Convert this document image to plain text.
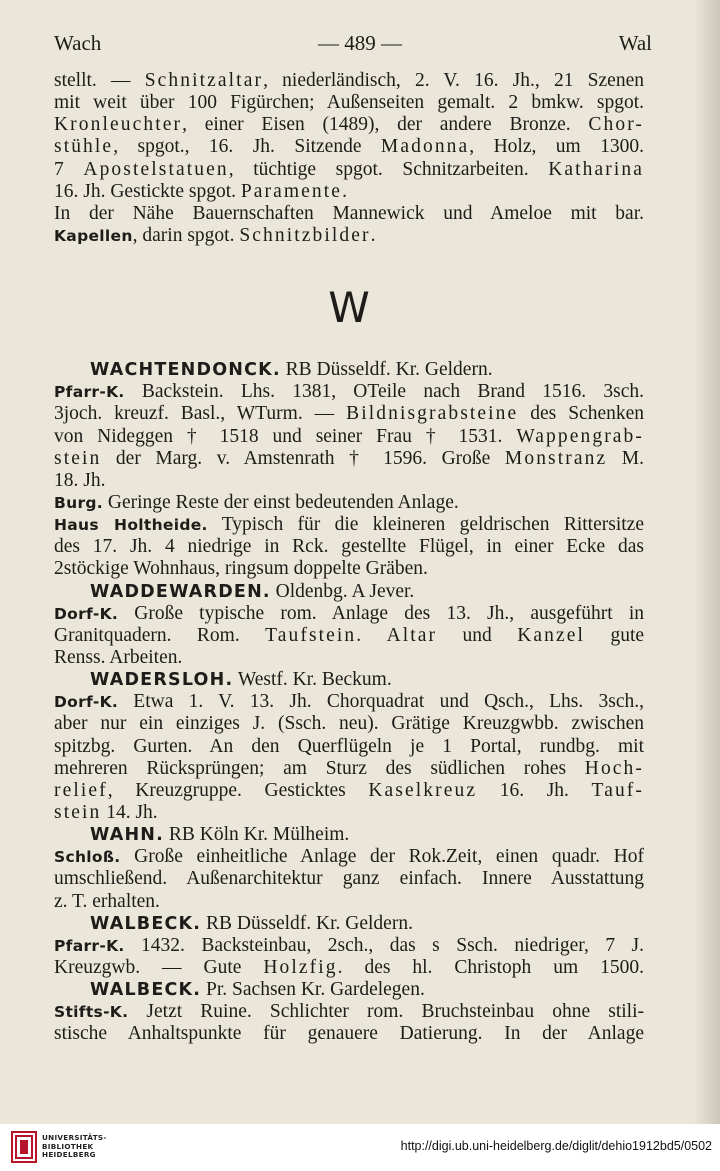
Wach	— 489 —	Wal
stellt. — Schnitzaltar, niederländisch, 2. V. 16. Jh., 21 Szenen
mit weit über 100 Figürchen; Außenseiten gemalt. 2 bmkw. spgot.
Kronleuchter, einer Eisen (1489), der andere Bronze. Chor-
stühle, spgot., 16. Jh. Sitzende Madonna, Holz, um 1300.
7 Apostelstatuen, tüchtige spgot. Schnitzarbeiten. Katharina
16. Jh. Gestickte spgot. Paramente.
In der Nähe Bauernschaften Mannewick und Ameloe mit bar.
Kapellen, darin spgot. Schnitzbilder.
W
WACHTENDONCK. RB Düsseldf. Kr. Geldern.
Pfarr-K. Backstein. Lhs. 1381, OTeile nach Brand 1516. 3sch.
3joch. kreuzf. Basl., WTurm. — Bildnisgrabsteine des Schenken
von Nideggen † 1518 und seiner Frau † 1531. Wappengrab-
stein der Marg. v. Amstenrath † 1596. Große Monstranz M.
18. Jh.
Burg. Geringe Reste der einst bedeutenden Anlage.
Haus Holtheide. Typisch für die kleineren geldrischen Rittersitze
des 17. Jh. 4 niedrige in Rck. gestellte Flügel, in einer Ecke das
2stöckige Wohnhaus, ringsum doppelte Gräben.
WADDEWARDEN. Oldenbg. A Jever.
Dorf-K. Große typische rom. Anlage des 13. Jh., ausgeführt in
Granitquadern. Rom. Taufstein. Altar und Kanzel gute
Renss. Arbeiten.
WADERSLOH. Westf. Kr. Beckum.
Dorf-K. Etwa 1. V. 13. Jh. Chorquadrat und Qsch., Lhs. 3sch.,
aber nur ein einziges J. (Ssch. neu). Grätige Kreuzgwbb. zwischen
spitzbg. Gurten. An den Querflügeln je 1 Portal, rundbg. mit
mehreren Rücksprüngen; am Sturz des südlichen rohes Hoch-
relief, Kreuzgruppe. Gesticktes Kaselkreuz 16. Jh. Tauf-
stein 14. Jh.
WAHN. RB Köln Kr. Mülheim.
Schloß. Große einheitliche Anlage der Rok.Zeit, einen quadr. Hof
umschließend. Außenarchitektur ganz einfach. Innere Ausstattung
z. T. erhalten.
WALBECK. RB Düsseldf. Kr. Geldern.
Pfarr-K. 1432. Backsteinbau, 2sch., das s Ssch. niedriger, 7 J.
Kreuzgwb. — Gute Holzfig. des hl. Christoph um 1500.
WALBECK. Pr. Sachsen Kr. Gardelegen.
Stifts-K. Jetzt Ruine. Schlichter rom. Bruchsteinbau ohne stili-
stische Anhaltspunkte für genauere Datierung. In der Anlage
UNIVERSITÄTS-
BIBLIOTHEK
HEIDELBERG
http://digi.ub.uni-heidelberg.de/diglit/dehio1912bd5/0502
